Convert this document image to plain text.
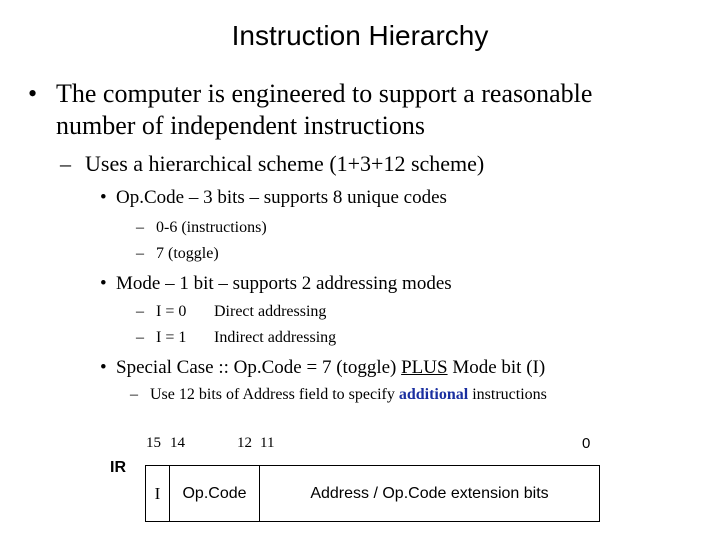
Instruction Hierarchy
• The computer is engineered to support a reasonable
number of independent instructions
– Uses a hierarchical scheme (1+3+12 scheme)
• Op.Code – 3 bits – supports 8 unique codes
– 0-6 (instructions)
– 7 (toggle)
• Mode – 1 bit – supports 2 addressing modes
– I = 0 Direct addressing
– I = 1 Indirect addressing
• Special Case :: Op.Code = 7 (toggle) PLUS Mode bit (I)
– Use 12 bits of Address field to specify additional instructions
15 14	12 11	0
IR
I Op.Code	Address / Op.Code extension bits
